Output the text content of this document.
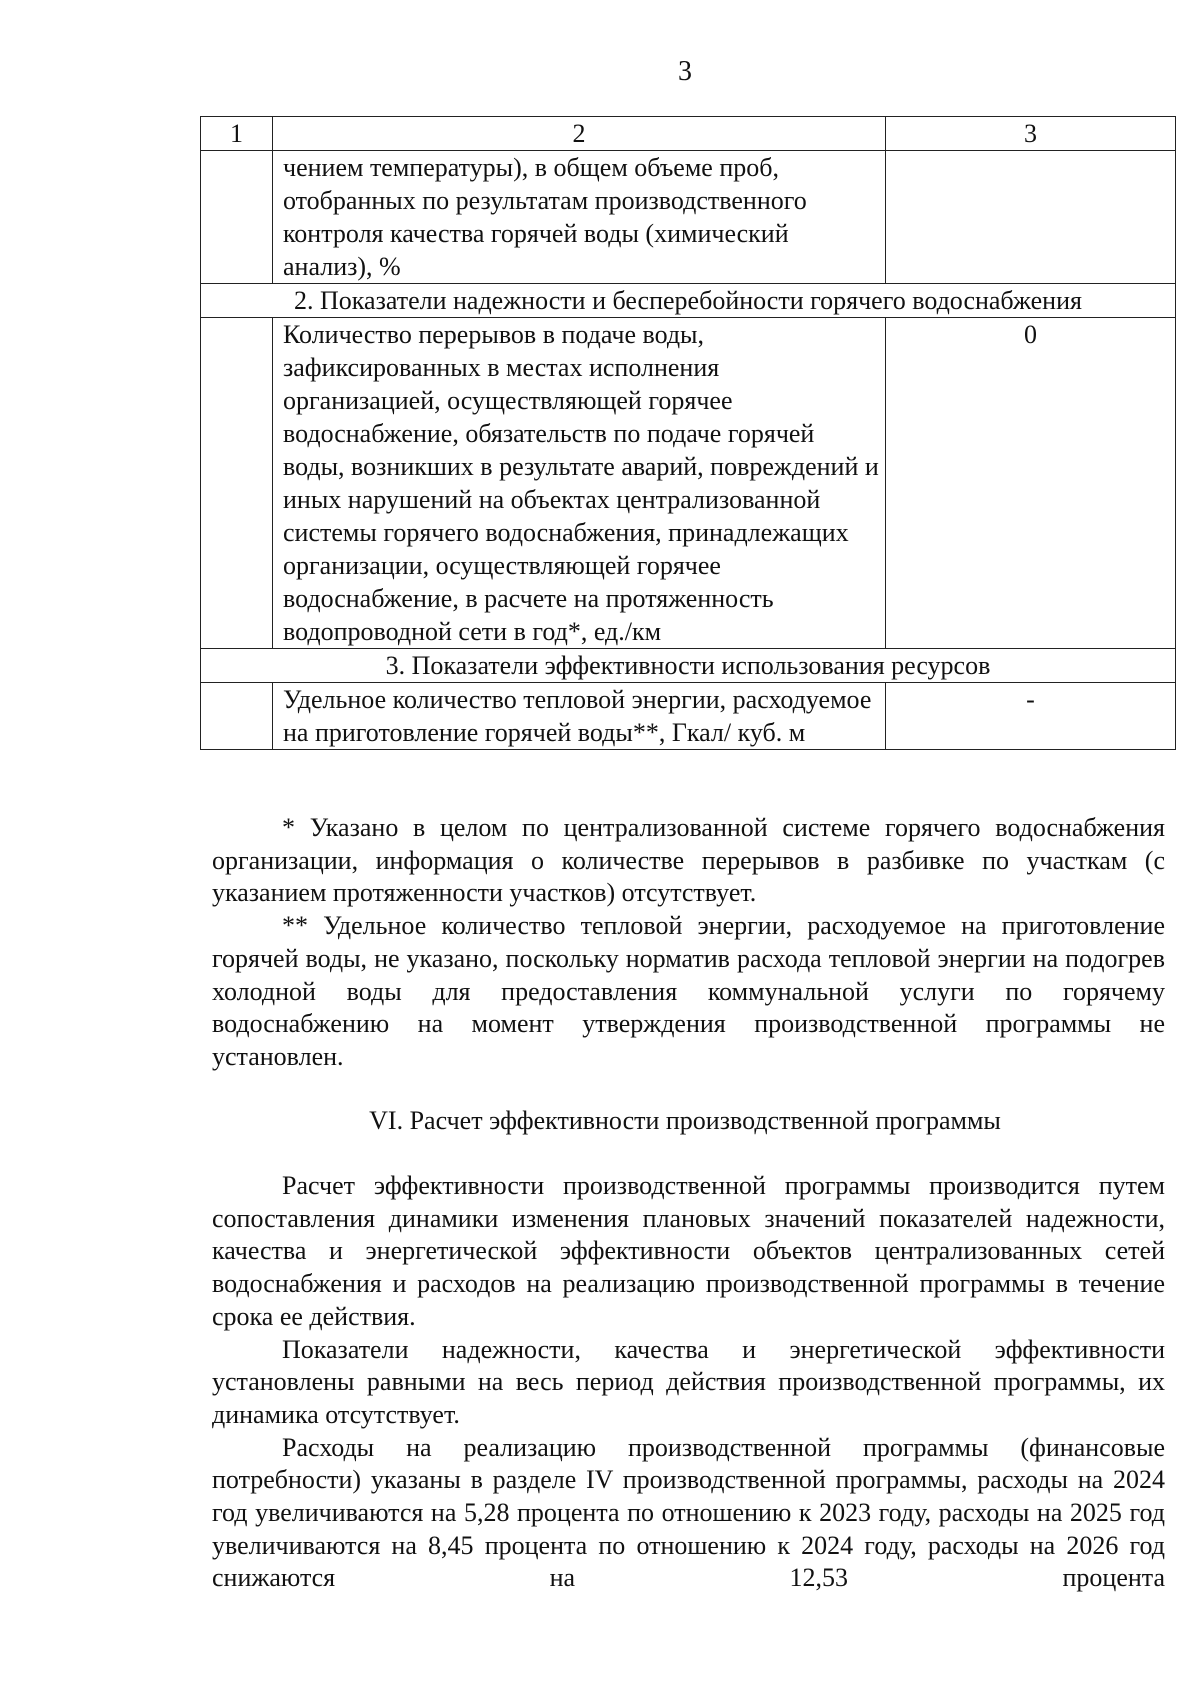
3
1	2	3
	чением температуры), в общем объеме проб, отобранных по результатам производственного контроля качества горячей воды (химический анализ), %	
2. Показатели надежности и бесперебойности горячего водоснабжения		
	Количество перерывов в подаче воды, зафиксированных в местах исполнения организацией, осуществляющей горячее водоснабжение, обязательств по подаче горячей воды, возникших в результате аварий, повреждений и иных нарушений на объектах централизованной системы горячего водоснабжения, принадлежащих организации, осуществляющей горячее водоснабжение, в расчете на протяженность водопроводной сети в год*, ед./км	0
3. Показатели эффективности использования ресурсов		
	Удельное количество тепловой энергии, расходуемое на приготовление горячей воды**, Гкал/ куб. м	-

* Указано в целом по централизованной системе горячего водоснабжения организации, информация о количестве перерывов в разбивке по участкам (с указанием протяженности участков) отсутствует.

** Удельное количество тепловой энергии, расходуемое на приготовление горячей воды, не указано, поскольку норматив расхода тепловой энергии на подогрев холодной воды для предоставления коммунальной услуги по горячему водоснабжению на момент утверждения производственной программы не установлен.

VI. Расчет эффективности производственной программы

Расчет эффективности производственной программы производится путем сопоставления динамики изменения плановых значений показателей надежности, качества и энергетической эффективности объектов централизованных сетей водоснабжения и расходов на реализацию производственной программы в течение срока ее действия.

Показатели надежности, качества и энергетической эффективности установлены равными на весь период действия производственной программы, их динамика отсутствует.

Расходы на реализацию производственной программы (финансовые потребности) указаны в разделе IV производственной программы, расходы на 2024 год увеличиваются на 5,28 процента по отношению к 2023 году, расходы на 2025 год увеличиваются на 8,45 процента по отношению к 2024 году, расходы на 2026 год снижаются на 12,53 процента
